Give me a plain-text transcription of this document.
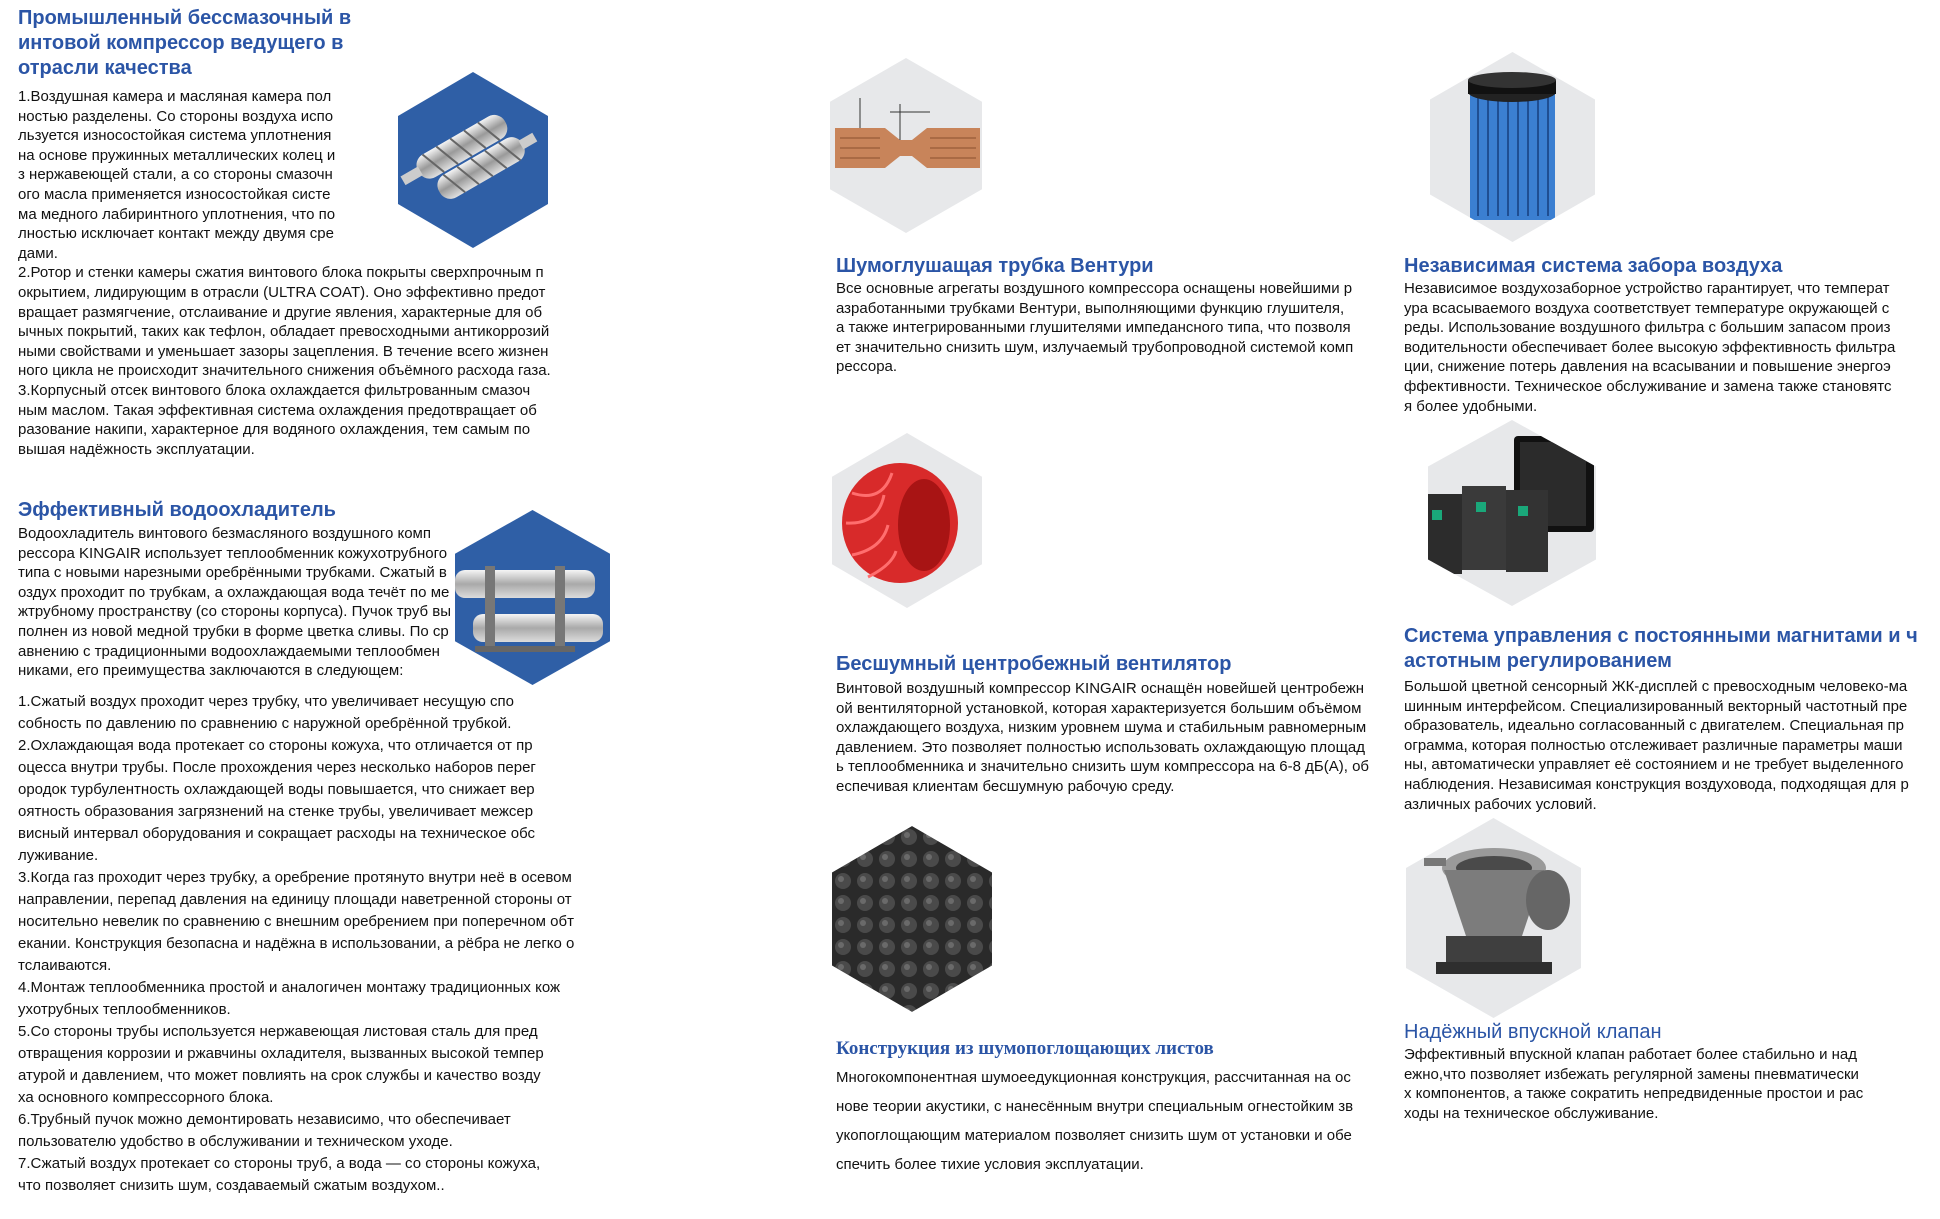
Промышленный бессмазочный в
интовой компрессор ведущего в
отрасли качества

1.Воздушная камера и масляная камера пол

ностью разделены. Со стороны воздуха испо

льзуется износостойкая система уплотнения

на основе пружинных металлических колец и

з нержавеющей стали, а со стороны смазочн

ого масла применяется износостойкая систе

ма медного лабиринтного уплотнения, что по

лностью исключает контакт между двумя сре

дами.

2.Ротор и стенки камеры сжатия винтового блока покрыты сверхпрочным п

окрытием, лидирующим в отрасли (ULTRA COAT). Оно эффективно предот

вращает размягчение, отслаивание и другие явления, характерные для об

ычных покрытий, таких как тефлон, обладает превосходными антикоррозий

ными свойствами и уменьшает зазоры зацепления. В течение всего жизнен

ного цикла не происходит значительного снижения объёмного расхода газа.

3.Корпусный отсек винтового блока охлаждается фильтрованным смазоч

ным маслом. Такая эффективная система охлаждения предотвращает об

разование накипи, характерное для водяного охлаждения, тем самым по

вышая надёжность эксплуатации.

Эффективный водоохладитель

Водоохладитель винтового безмасляного воздушного комп

рессора KINGAIR использует теплообменник кожухотрубного

типа с новыми нарезными оребрёнными трубками. Сжатый в

оздух проходит по трубкам, а охлаждающая вода течёт по ме

жтрубному пространству (со стороны корпуса). Пучок труб вы

полнен из новой медной трубки в форме цветка сливы. По ср

авнению с традиционными водоохлаждаемыми теплообмен

никами, его преимущества заключаются в следующем:

1.Сжатый воздух проходит через трубку, что увеличивает несущую спо

собность по давлению по сравнению с наружной оребрённой трубкой.

2.Охлаждающая вода протекает со стороны кожуха, что отличается от пр

оцесса внутри трубы. После прохождения через несколько наборов перег

ородок турбулентность охлаждающей воды повышается, что снижает вер

оятность образования загрязнений на стенке трубы, увеличивает межсер

висный интервал оборудования и сокращает расходы на техническое обс

луживание.

3.Когда газ проходит через трубку, а оребрение протянуто внутри неё в осевом

направлении, перепад давления на единицу площади наветренной стороны от

носительно невелик по сравнению с внешним оребрением при поперечном обт

екании. Конструкция безопасна и надёжна в использовании, а рёбра не легко о

тслаиваются.

4.Монтаж теплообменника простой и аналогичен монтажу традиционных кож

ухотрубных теплообменников.

5.Со стороны трубы используется нержавеющая листовая сталь для пред

отвращения коррозии и ржавчины охладителя, вызванных высокой темпер

атурой и давлением, что может повлиять на срок службы и качество возду

ха основного компрессорного блока.

6.Трубный пучок можно демонтировать независимо, что обеспечивает

пользователю удобство в обслуживании и техническом уходе.

7.Сжатый воздух протекает со стороны труб, а вода — со стороны кожуха,

что позволяет снизить шум, создаваемый сжатым воздухом..

Шумоглушащая трубка Вентури

Все основные агрегаты воздушного компрессора оснащены новейшими р

азработанными трубками Вентури, выполняющими функцию глушителя,

а также интегрированными глушителями импедансного типа, что позволя

ет значительно снизить шум, излучаемый трубопроводной системой комп

рессора.

Бесшумный центробежный вентилятор

Винтовой воздушный компрессор KINGAIR оснащён новейшей центробежн

ой вентиляторной установкой, которая характеризуется большим объёмом

охлаждающего воздуха, низким уровнем шума и стабильным равномерным

давлением. Это позволяет полностью использовать охлаждающую площад

ь теплообменника и значительно снизить шум компрессора на 6-8 дБ(А), об

еспечивая клиентам бесшумную рабочую среду.

Конструкция из шумопоглощающих листов

Многокомпонентная шумоеедукционная конструкция, рассчитанная на ос

нове теории акустики, с нанесённым внутри специальным огнестойким зв

укопоглощающим материалом позволяет снизить шум от установки и обе

спечить более тихие условия эксплуатации.

Независимая система забора воздуха

Независимое воздухозаборное устройство гарантирует, что температ

ура всасываемого воздуха соответствует температуре окружающей с

реды. Использование воздушного фильтра с большим запасом произ

водительности обеспечивает более высокую эффективность фильтра

ции, снижение потерь давления на всасывании и повышение энергоэ

ффективности. Техническое обслуживание и замена также становятс

я более удобными.

Система управления с постоянными магнитами и ч
астотным регулированием

Большой цветной сенсорный ЖК-дисплей с превосходным человеко-ма

шинным интерфейсом. Специализированный векторный частотный пре

образователь, идеально согласованный с двигателем. Специальная пр

ограмма, которая полностью отслеживает различные параметры маши

ны, автоматически управляет её состоянием и не требует выделенного

наблюдения. Независимая конструкция воздуховода, подходящая для р

азличных рабочих условий.

Надёжный впускной клапан

Эффективный впускной клапан работает более стабильно и над

ежно,что позволяет избежать регулярной замены пневматически

х компонентов, а также сократить непредвиденные простои и рас

ходы на техническое обслуживание.
